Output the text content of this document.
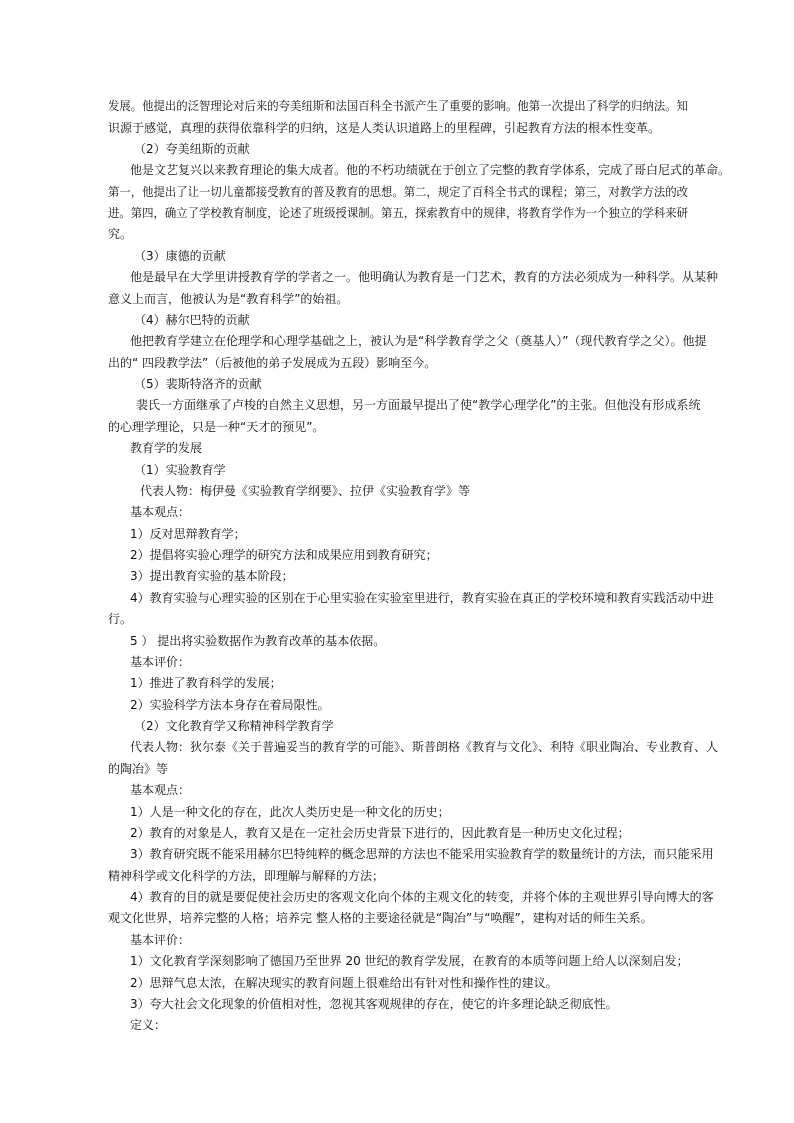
发展。他提出的泛智理论对后来的夸美纽斯和法国百科全书派产生了重要的影响。他第一次提出了科学的归纳法。知
识源于感觉，真理的获得依靠科学的归纳，这是人类认识道路上的里程碑，引起教育方法的根本性变革。
（2）夸美纽斯的贡献
他是文艺复兴以来教育理论的集大成者。他的不朽功绩就在于创立了完整的教育学体系，完成了哥白尼式的革命。
第一，他提出了让一切儿童都接受教育的普及教育的思想。第二，规定了百科全书式的课程；第三，对教学方法的改
进。第四，确立了学校教育制度，论述了班级授课制。第五，探索教育中的规律，将教育学作为一个独立的学科来研
究。
（3）康德的贡献
他是最早在大学里讲授教育学的学者之一。他明确认为教育是一门艺术，教育的方法必须成为一种科学。从某种
意义上而言，他被认为是“教育科学”的始祖。
（4）赫尔巴特的贡献
他把教育学建立在伦理学和心理学基础之上，被认为是“科学教育学之父（奠基人）”（现代教育学之父）。他提
出的“ 四段教学法”（后被他的弟子发展成为五段）影响至今。
（5）裴斯特洛齐的贡献
裴氏一方面继承了卢梭的自然主义思想，另一方面最早提出了使“教学心理学化”的主张。但他没有形成系统
的心理学理论，只是一种“天才的预见”。
教育学的发展
（1）实验教育学
代表人物：梅伊曼《实验教育学纲要》、拉伊《实验教育学》等
基本观点：
1）反对思辩教育学；
2）提倡将实验心理学的研究方法和成果应用到教育研究；
3）提出教育实验的基本阶段；
4）教育实验与心理实验的区别在于心里实验在实验室里进行，教育实验在真正的学校环境和教育实践活动中进
行。
5 ） 提出将实验数据作为教育改革的基本依据。
基本评价：
1）推进了教育科学的发展；
2）实验科学方法本身存在着局限性。
（2）文化教育学又称精神科学教育学
代表人物：狄尔泰《关于普遍妥当的教育学的可能》、斯普朗格《教育与文化》、利特《职业陶冶、专业教育、人
的陶冶》等
基本观点：
1）人是一种文化的存在，此次人类历史是一种文化的历史；
2）教育的对象是人，教育又是在一定社会历史背景下进行的，因此教育是一种历史文化过程；
3）教育研究既不能采用赫尔巴特纯粹的概念思辩的方法也不能采用实验教育学的数量统计的方法，而只能采用
精神科学或文化科学的方法，即理解与解释的方法；
4）教育的目的就是要促使社会历史的客观文化向个体的主观文化的转变，并将个体的主观世界引导向博大的客
观文化世界，培养完整的人格；培养完 整人格的主要途径就是“陶冶”与“唤醒”，建构对话的师生关系。
基本评价：
1）文化教育学深刻影响了德国乃至世界 20 世纪的教育学发展，在教育的本质等问题上给人以深刻启发；
2）思辩气息太浓，在解决现实的教育问题上很难给出有针对性和操作性的建议。
3）夸大社会文化现象的价值相对性，忽视其客观规律的存在，使它的许多理论缺乏彻底性。
定义：
